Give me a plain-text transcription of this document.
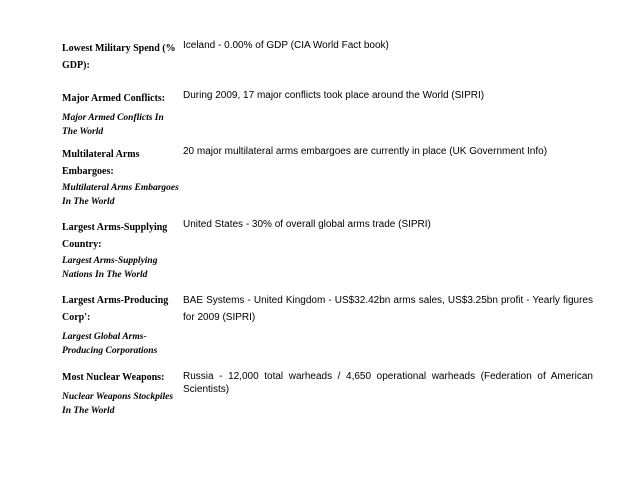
Lowest Military Spend (% GDP):
Iceland - 0.00% of GDP (CIA World Fact book)
Major Armed Conflicts:	During 2009, 17 major conflicts took place around the World (SIPRI)
Major Armed Conflicts In The World
Multilateral Arms Embargoes:
20 major multilateral arms embargoes are currently in place (UK Government Info)
Multilateral Arms Embargoes In The World
Largest Arms-Supplying Country:
United States - 30% of overall global arms trade (SIPRI)
Largest Arms-Supplying Nations In The World
Largest Arms-Producing Corp':
BAE Systems - United Kingdom - US$32.42bn arms sales, US$3.25bn profit - Yearly figures for 2009 (SIPRI)
Largest Global Arms-Producing Corporations
Most Nuclear Weapons:	Russia - 12,000 total warheads / 4,650 operational warheads (Federation of American Scientists)
Nuclear Weapons Stockpiles In The World
